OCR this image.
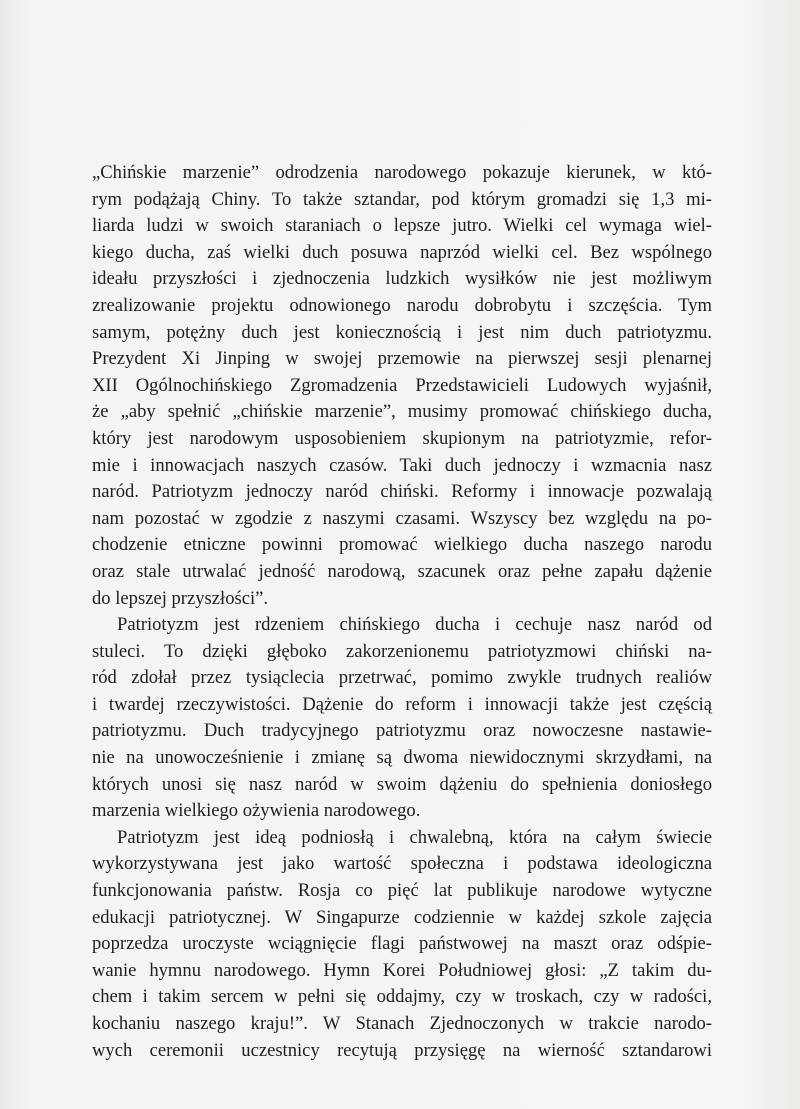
„Chińskie marzenie” odrodzenia narodowego pokazuje kierunek, w któ-
rym podążają Chiny. To także sztandar, pod którym gromadzi się 1,3 mi-
liarda ludzi w swoich staraniach o lepsze jutro. Wielki cel wymaga wiel-
kiego ducha, zaś wielki duch posuwa naprzód wielki cel. Bez wspólnego
ideału przyszłości i zjednoczenia ludzkich wysiłków nie jest możliwym
zrealizowanie projektu odnowionego narodu dobrobytu i szczęścia. Tym
samym, potężny duch jest koniecznością i jest nim duch patriotyzmu.
Prezydent Xi Jinping w swojej przemowie na pierwszej sesji plenarnej
XII Ogólnochińskiego Zgromadzenia Przedstawicieli Ludowych wyjaśnił,
że „aby spełnić „chińskie marzenie”, musimy promować chińskiego ducha,
który jest narodowym usposobieniem skupionym na patriotyzmie, refor-
mie i innowacjach naszych czasów. Taki duch jednoczy i wzmacnia nasz
naród. Patriotyzm jednoczy naród chiński. Reformy i innowacje pozwalają
nam pozostać w zgodzie z naszymi czasami. Wszyscy bez względu na po-
chodzenie etniczne powinni promować wielkiego ducha naszego narodu
oraz stale utrwalać jedność narodową, szacunek oraz pełne zapału dążenie
do lepszej przyszłości”.
Patriotyzm jest rdzeniem chińskiego ducha i cechuje nasz naród od
stuleci. To dzięki głęboko zakorzenionemu patriotyzmowi chiński na-
ród zdołał przez tysiąclecia przetrwać, pomimo zwykle trudnych realiów
i twardej rzeczywistości. Dążenie do reform i innowacji także jest częścią
patriotyzmu. Duch tradycyjnego patriotyzmu oraz nowoczesne nastawie-
nie na unowocześnienie i zmianę są dwoma niewidocznymi skrzydłami, na
których unosi się nasz naród w swoim dążeniu do spełnienia doniosłego
marzenia wielkiego ożywienia narodowego.
Patriotyzm jest ideą podniosłą i chwalebną, która na całym świecie
wykorzystywana jest jako wartość społeczna i podstawa ideologiczna
funkcjonowania państw. Rosja co pięć lat publikuje narodowe wytyczne
edukacji patriotycznej. W Singapurze codziennie w każdej szkole zajęcia
poprzedza uroczyste wciągnięcie flagi państwowej na maszt oraz odśpie-
wanie hymnu narodowego. Hymn Korei Południowej głosi: „Z takim du-
chem i takim sercem w pełni się oddajmy, czy w troskach, czy w radości,
kochaniu naszego kraju!”. W Stanach Zjednoczonych w trakcie narodo-
wych ceremonii uczestnicy recytują przysięgę na wierność sztandarowi
